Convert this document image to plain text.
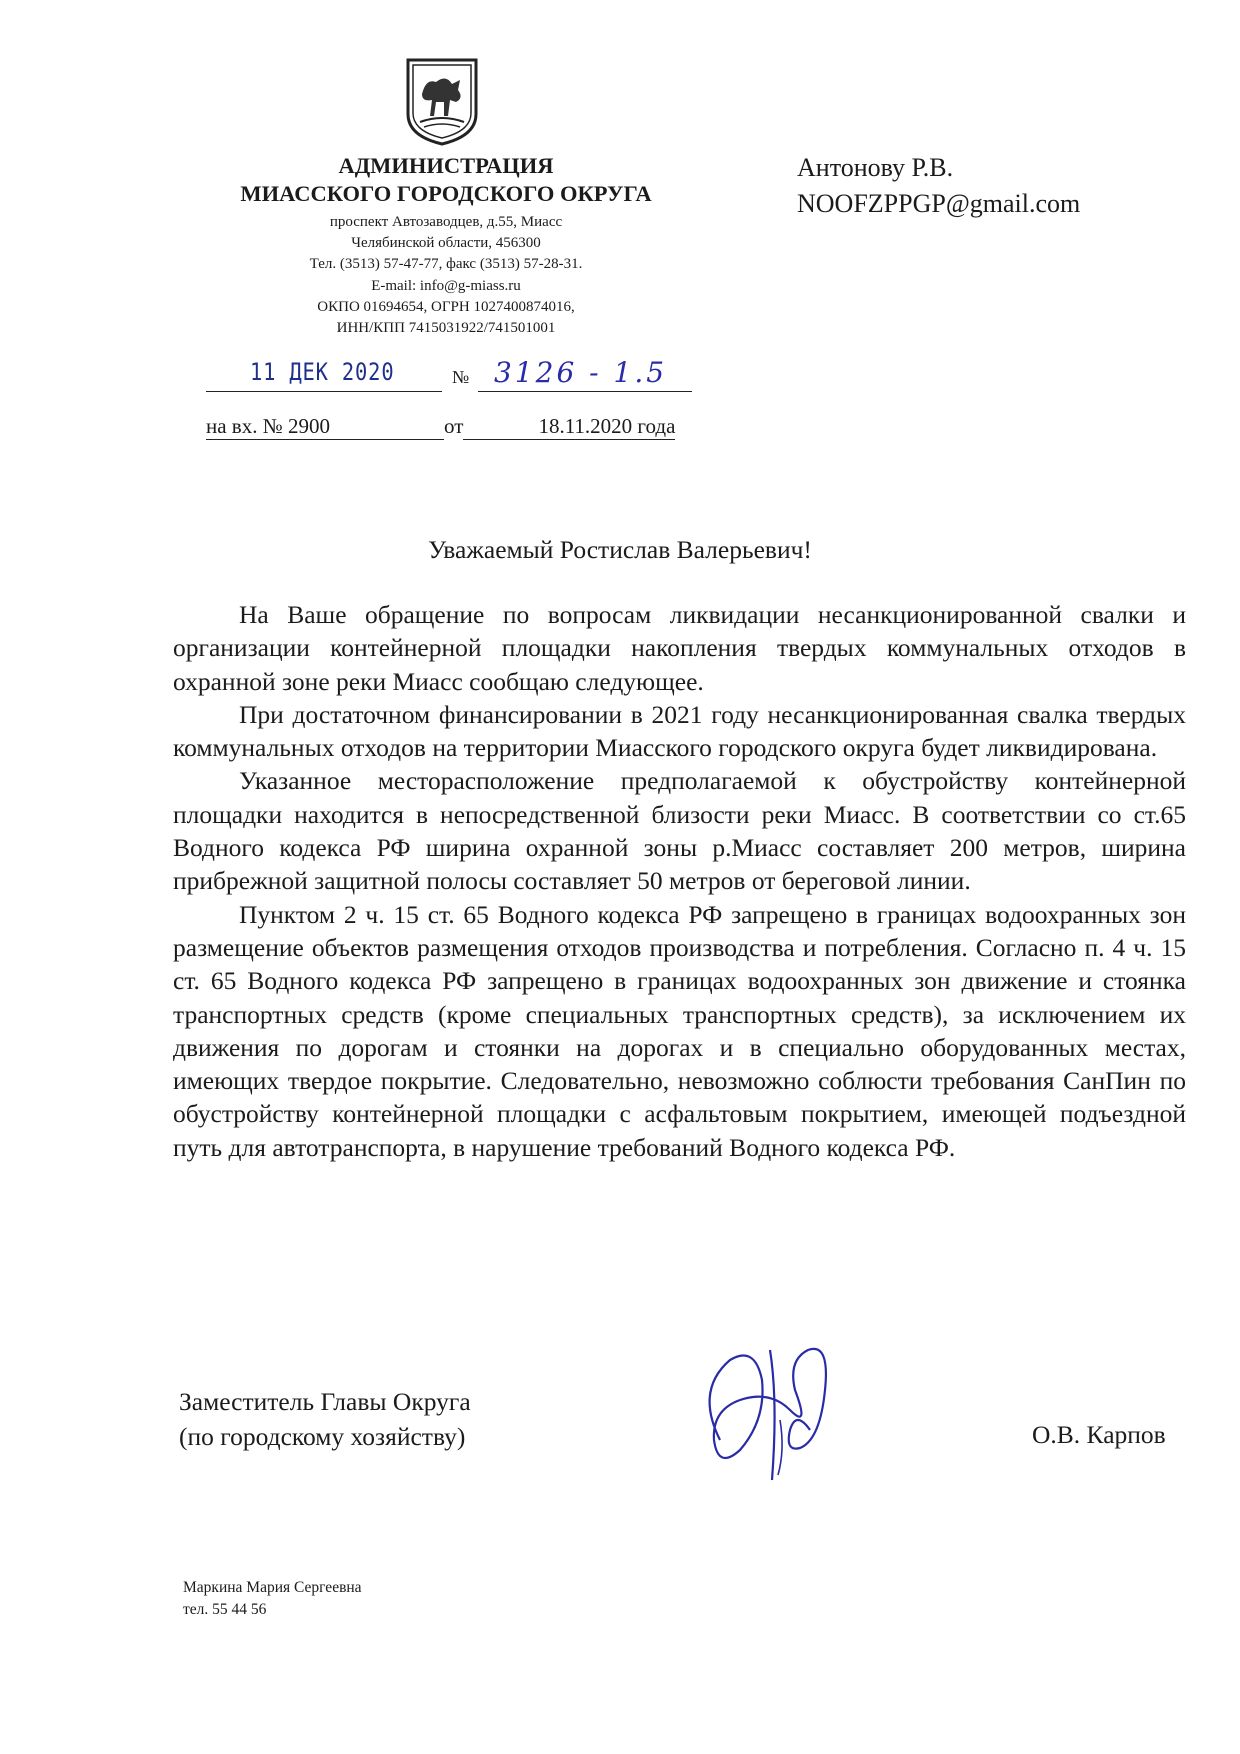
АДМИНИСТРАЦИЯ
МИАССКОГО ГОРОДСКОГО ОКРУГА
проспект Автозаводцев, д.55, Миасс
Челябинской области, 456300
Тел. (3513) 57-47-77, факс (3513) 57-28-31.
E-mail: info@g-miass.ru
ОКПО 01694654, ОГРН 1027400874016,
ИНН/КПП 7415031922/741501001
Антонову Р.В.
NOOFZPPGP@gmail.com
11 ДЕК 2020	№ 3126 - 1.5
на вх. № 2900	от	18.11.2020 года
Уважаемый Ростислав Валерьевич!

На Ваше обращение по вопросам ликвидации несанкционированной свалки и организации контейнерной площадки накопления твердых коммунальных отходов в охранной зоне реки Миасс сообщаю следующее.

При достаточном финансировании в 2021 году несанкционированная свалка твердых коммунальных отходов на территории Миасского городского округа будет ликвидирована.

Указанное месторасположение предполагаемой к обустройству контейнерной площадки находится в непосредственной близости реки Миасс. В соответствии со ст.65 Водного кодекса РФ ширина охранной зоны р.Миасс составляет 200 метров, ширина прибрежной защитной полосы составляет 50 метров от береговой линии.

Пунктом 2 ч. 15 ст. 65 Водного кодекса РФ запрещено в границах водоохранных зон размещение объектов размещения отходов производства и потребления. Согласно п. 4 ч. 15 ст. 65 Водного кодекса РФ запрещено в границах водоохранных зон движение и стоянка транспортных средств (кроме специальных транспортных средств), за исключением их движения по дорогам и стоянки на дорогах и в специально оборудованных местах, имеющих твердое покрытие. Следовательно, невозможно соблюсти требования СанПин по обустройству контейнерной площадки с асфальтовым покрытием, имеющей подъездной путь для автотранспорта, в нарушение требований Водного кодекса РФ.

Заместитель Главы Округа
(по городскому хозяйству)	О.В. Карпов
Маркина Мария Сергеевна
тел. 55 44 56
